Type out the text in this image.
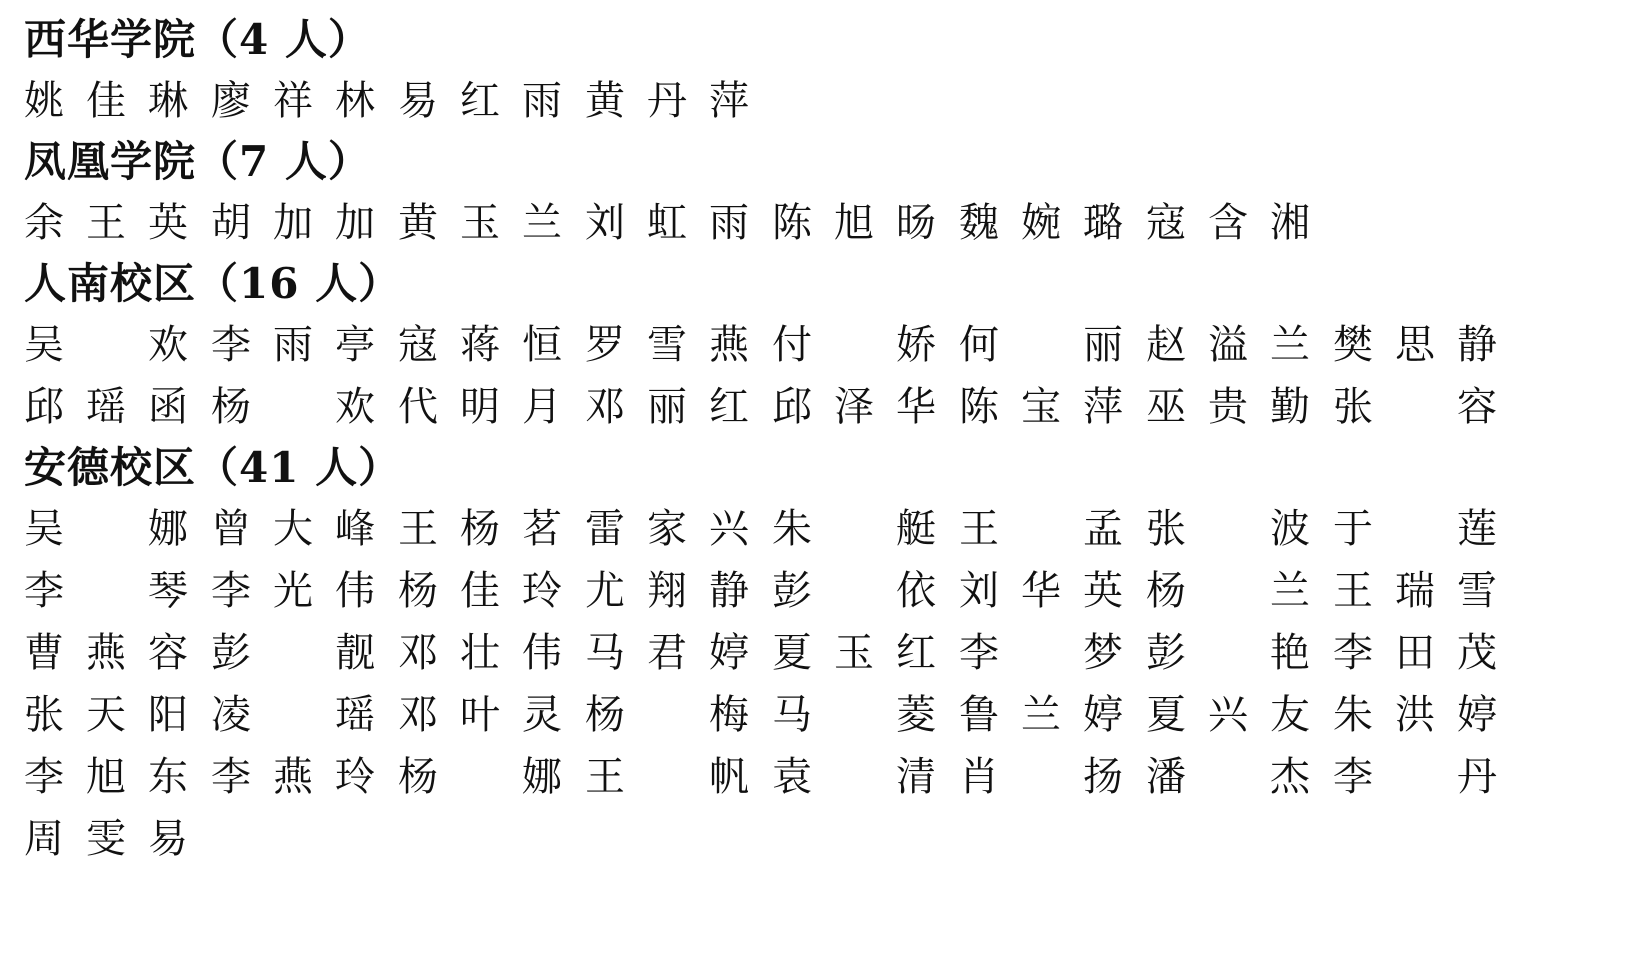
西华学院（4 人）
姚 佳 琳 廖 祥 林 易 红 雨 黄 丹 萍
凤凰学院（7 人）
余 王 英 胡 加 加 黄 玉 兰 刘 虹 雨 陈 旭 旸 魏 婉 璐 寇 含 湘
人南校区（16 人）
吴 欢 李 雨 亭 寇 蒋 恒 罗 雪 燕 付 娇 何 丽 赵 溢 兰 樊 思 静
邱 瑶 函 杨 欢 代 明 月 邓 丽 红 邱 泽 华 陈 宝 萍 巫 贵 勤 张 容
安德校区（41 人）
吴 娜 曾 大 峰 王 杨 茗 雷 家 兴 朱 艇 王 孟 张 波 于 莲
李 琴 李 光 伟 杨 佳 玲 尤 翔 静 彭 依 刘 华 英 杨 兰 王 瑞 雪
曹 燕 容 彭 靓 邓 壮 伟 马 君 婷 夏 玉 红 李 梦 彭 艳 李 田 茂
张 天 阳 凌 瑶 邓 叶 灵 杨 梅 马 菱 鲁 兰 婷 夏 兴 友 朱 洪 婷
李 旭 东 李 燕 玲 杨 娜 王 帆 袁 清 肖 扬 潘 杰 李 丹
周 雯 易
